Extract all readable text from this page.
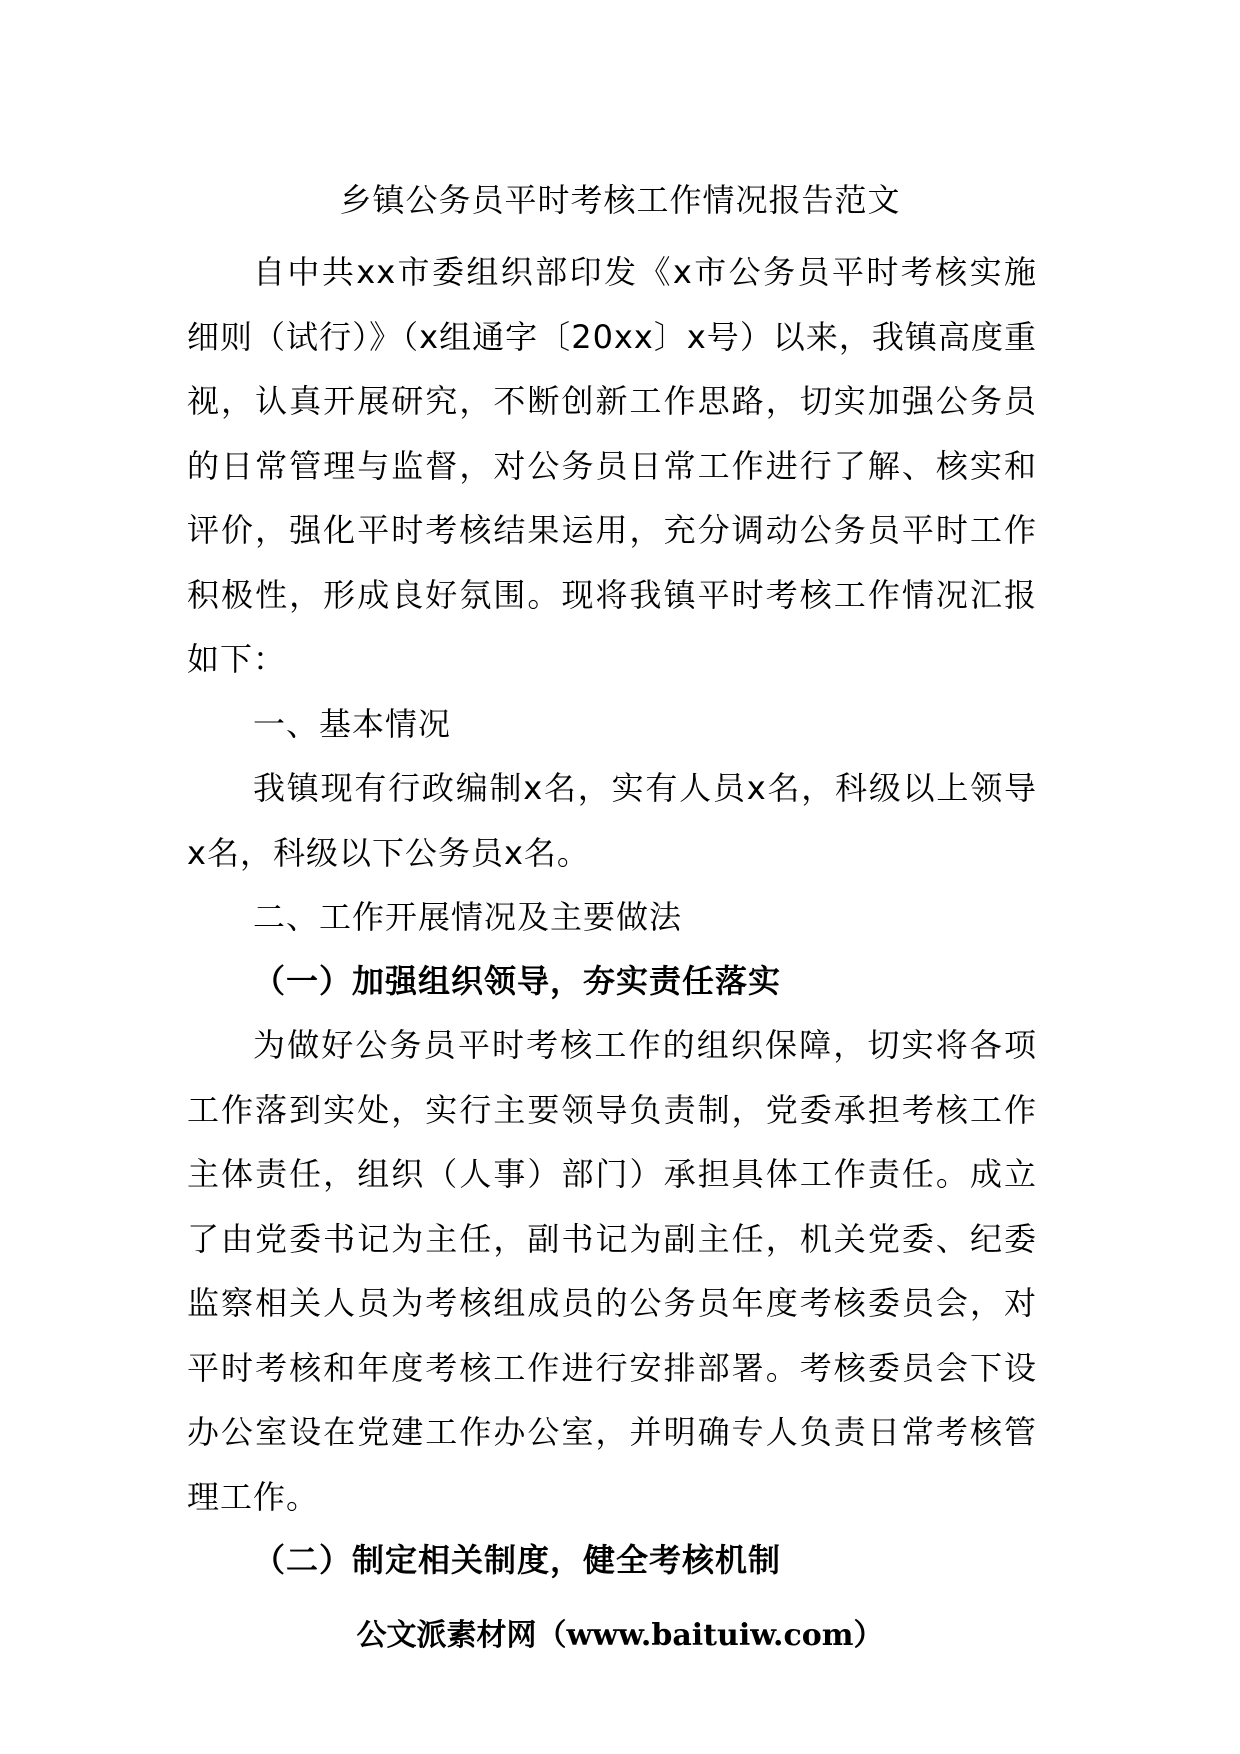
乡镇公务员平时考核工作情况报告范文

自中共xx市委组织部印发《x市公务员平时考核实施细则（试行）》（x组通字〔20xx〕x号）以来，我镇高度重视，认真开展研究，不断创新工作思路，切实加强公务员的日常管理与监督，对公务员日常工作进行了解、核实和评价，强化平时考核结果运用，充分调动公务员平时工作积极性，形成良好氛围。现将我镇平时考核工作情况汇报如下：

一、基本情况

我镇现有行政编制x名，实有人员x名，科级以上领导x名，科级以下公务员x名。

二、工作开展情况及主要做法

（一）加强组织领导，夯实责任落实

为做好公务员平时考核工作的组织保障，切实将各项工作落到实处，实行主要领导负责制，党委承担考核工作主体责任，组织（人事）部门）承担具体工作责任。成立了由党委书记为主任，副书记为副主任，机关党委、纪委监察相关人员为考核组成员的公务员年度考核委员会，对平时考核和年度考核工作进行安排部署。考核委员会下设办公室设在党建工作办公室，并明确专人负责日常考核管理工作。

（二）制定相关制度，健全考核机制

公文派素材网（www.baituiw.com）
